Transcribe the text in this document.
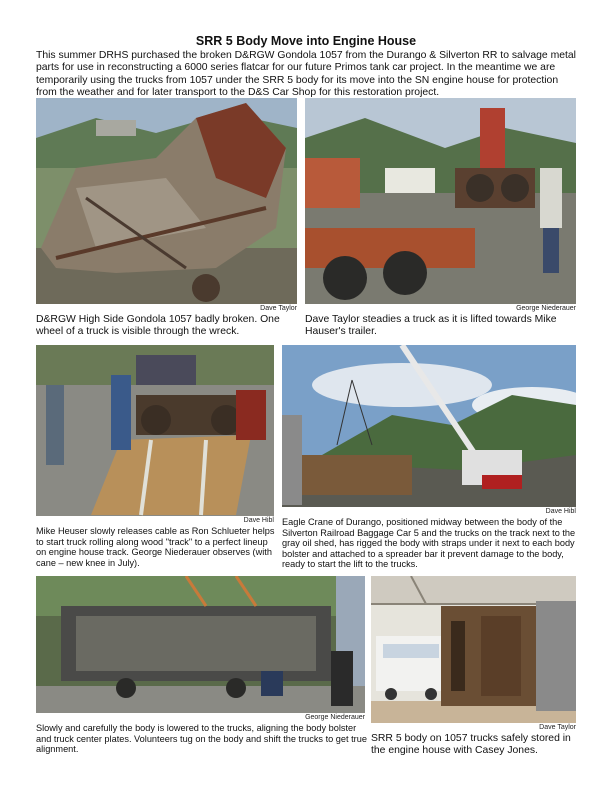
SRR 5 Body Move into Engine House
This summer DRHS purchased the broken D&RGW Gondola 1057 from the Durango & Silverton RR to salvage metal parts for use in reconstructing a 6000 series flatcar for our future Primos tank car project. In the meantime we are temporarily using the trucks from 1057 under the SRR 5 body for its move into the SN engine house for protection from the weather and for later transport to the D&S Car Shop for this restoration project.
Dave Taylor
D&RGW High Side Gondola 1057 badly broken. One wheel of a truck is visible through the wreck.
George Niederauer
Dave Taylor steadies a truck as it is lifted towards Mike Hauser's trailer.
Dave Hibl
Mike Heuser slowly releases cable as Ron Schlueter helps to start truck rolling along wood "track" to a perfect lineup on engine house track. George Niederauer observes (with cane – new knee in July).
Dave Hibl
Eagle Crane of Durango, positioned midway between the body of the Silverton Railroad Baggage Car 5 and the trucks on the track next to the gray oil shed, has rigged the body with straps under it next to each body bolster and attached to a spreader bar it prevent damage to the body, ready to start the lift to the trucks.
George Niederauer
Slowly and carefully the body is lowered to the trucks, aligning the body bolster and truck center plates. Volunteers tug on the body and shift the trucks to get true alignment.
Dave Taylor
SRR 5 body on 1057 trucks safely stored in the engine house with Casey Jones.
